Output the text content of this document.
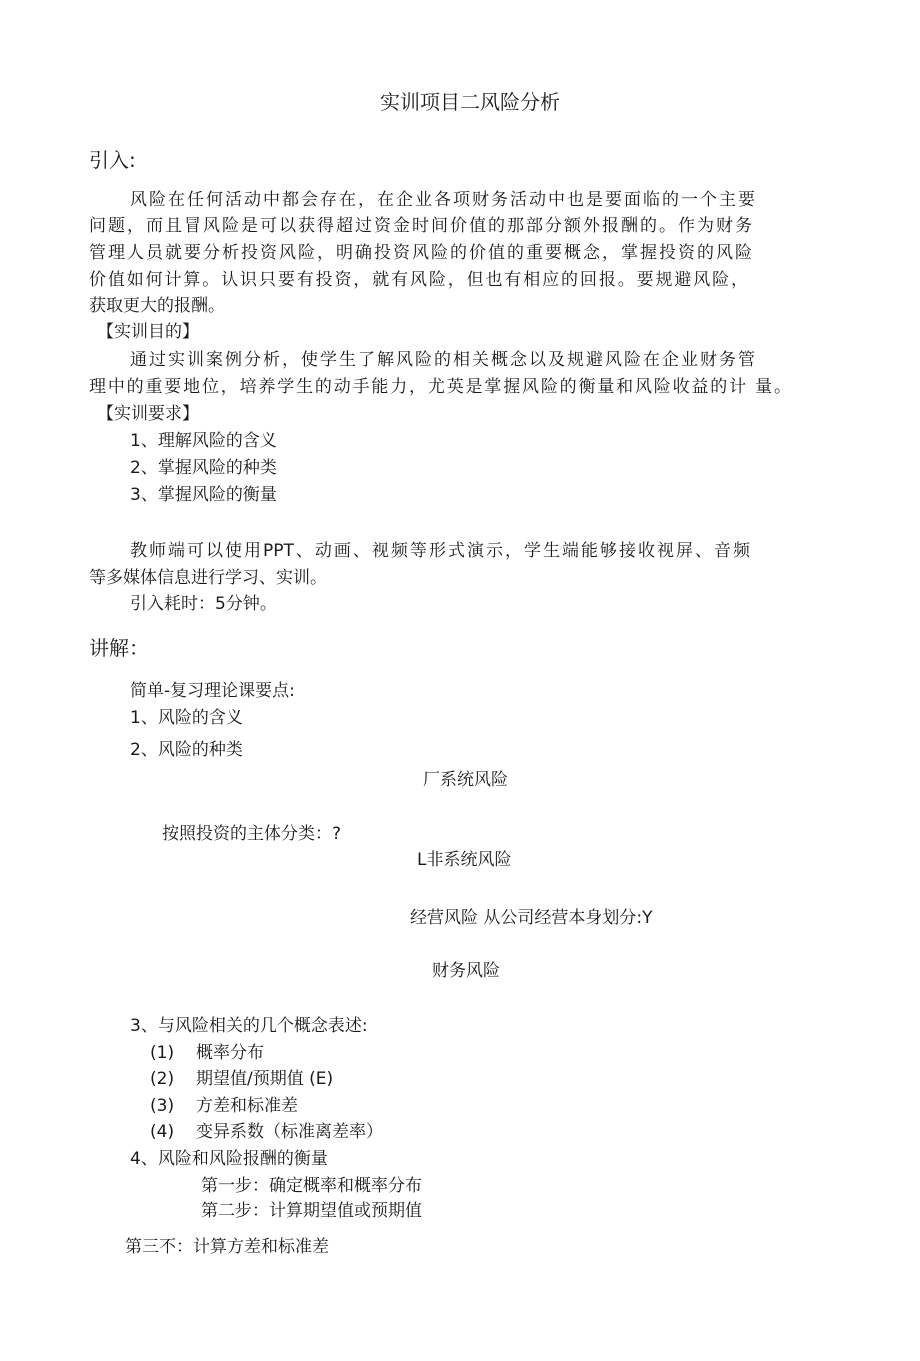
实训项目二风险分析
引入:
风险在任何活动中都会存在，在企业各项财务活动中也是要面临的一个主要
问题，而且冒风险是可以获得超过资金时间价值的那部分额外报酬的。作为财务
管理人员就要分析投资风险，明确投资风险的价值的重要概念，掌握投资的风险
价值如何计算。认识只要有投资，就有风险，但也有相应的回报。要规避风险，
获取更大的报酬。
【实训目的】
通过实训案例分析，使学生了解风险的相关概念以及规避风险在企业财务管
理中的重要地位，培养学生的动手能力，尤英是掌握风险的衡量和风险收益的计 量。
【实训要求】
1、理解风险的含义
2、掌握风险的种类
3、掌握风险的衡量
教师端可以使用PPT、动画、视频等形式演示，学生端能够接收视屏、音频
等多媒体信息进行学习、实训。
引入耗时：5分钟。
讲解：
简单-复习理论课要点:
1、风险的含义
2、风险的种类
厂系统风险
按照投资的主体分类：?
L非系统风险
经营风险 从公司经营本身划分:Y
财务风险
3、与风险相关的几个概念表述:
(1) 概率分布
(2) 期望值/预期值 (E)
(3) 方差和标准差
(4) 变异系数（标准离差率）
4、风险和风险报酬的衡量
第一步：确定概率和概率分布
第二步：计算期望值或预期值
第三不：计算方差和标准差
